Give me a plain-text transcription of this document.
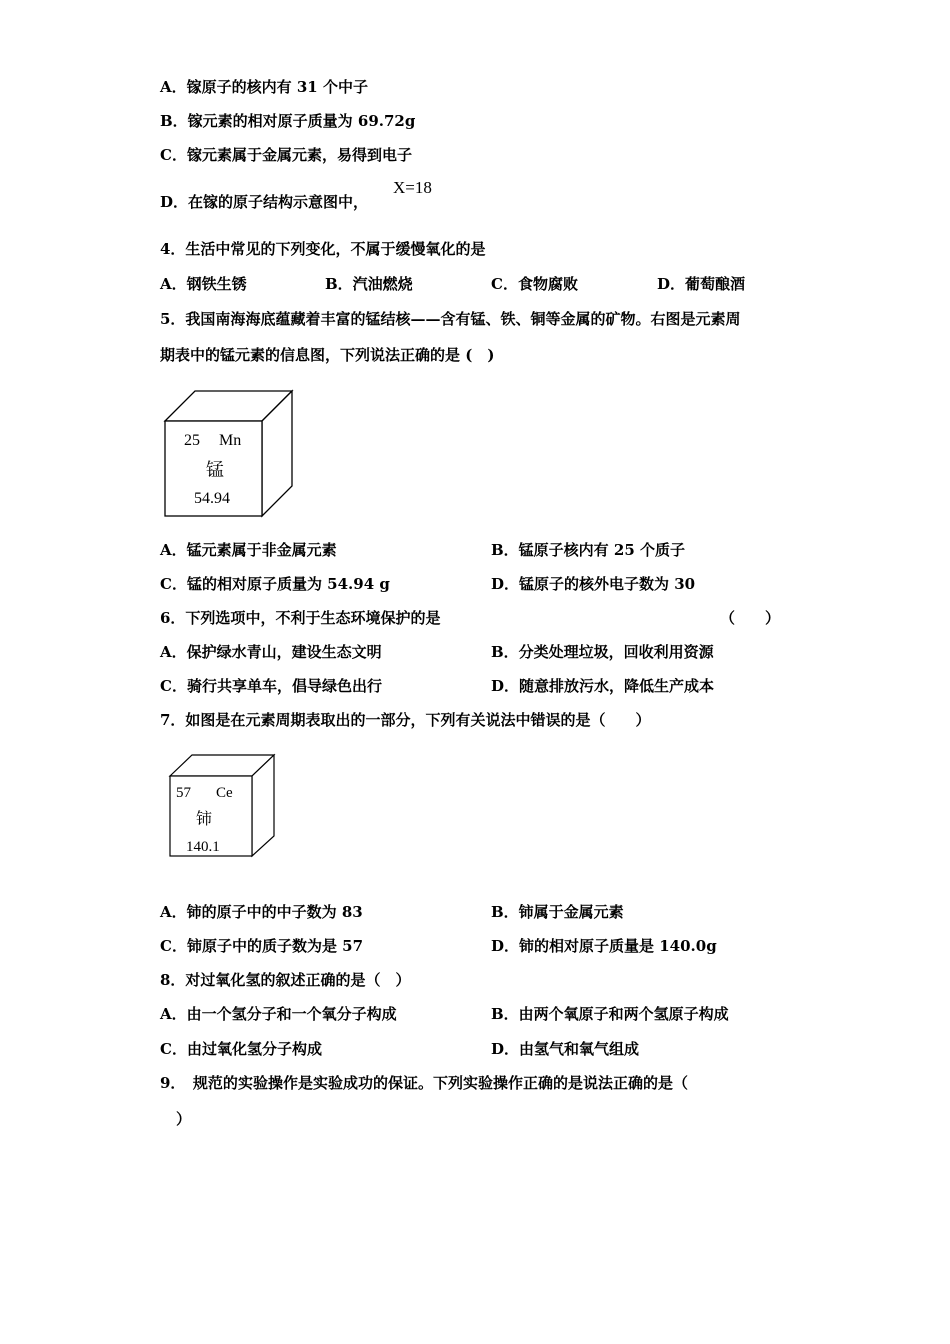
A．镓原子的核内有 31 个中子
B．镓元素的相对原子质量为 69.72g
C．镓元素属于金属元素，易得到电子
D．在镓的原子结构示意图中，
X=18
4．生活中常见的下列变化，不属于缓慢氧化的是
A．钢铁生锈	B．汽油燃烧	C．食物腐败	D．葡萄酿酒
5．我国南海海底蕴藏着丰富的锰结核——含有锰、铁、铜等金属的矿物。右图是元素周
期表中的锰元素的信息图，下列说法正确的是 (　)
25 Mn
锰
54.94
A．锰元素属于非金属元素	B．锰原子核内有 25 个质子
C．锰的相对原子质量为 54.94 g	D．锰原子的核外电子数为 30
6．下列选项中，不利于生态环境保护的是	（　　）
A．保护绿水青山，建设生态文明	B．分类处理垃圾，回收利用资源
C．骑行共享单车，倡导绿色出行	D．随意排放污水，降低生产成本
7．如图是在元素周期表取出的一部分，下列有关说法中错误的是（　　）
57 Ce
铈
140.1
A．铈的原子中的中子数为 83	B．铈属于金属元素
C．铈原子中的质子数为是 57	D．铈的相对原子质量是 140.0g
8．对过氧化氢的叙述正确的是（　）
A．由一个氢分子和一个氧分子构成	B．由两个氧原子和两个氢原子构成
C．由过氧化氢分子构成	D．由氢气和氧气组成
9．　规范的实验操作是实验成功的保证。下列实验操作正确的是说法正确的是（
）
